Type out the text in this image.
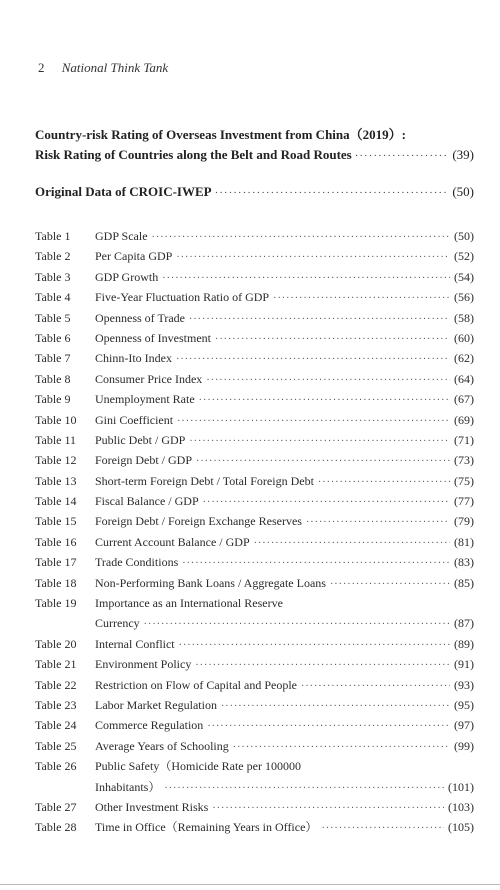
2 National Think Tank
Country-risk Rating of Overseas Investment from China（2019）:
Risk Rating of Countries along the Belt and Road Routes ·····	(39)
Original Data of CROIC-IWEP ·····	(50)
Table 1	GDP Scale ·····	(50)
Table 2	Per Capita GDP ·····	(52)
Table 3	GDP Growth ·····	(54)
Table 4	Five-Year Fluctuation Ratio of GDP ·····	(56)
Table 5	Openness of Trade ·····	(58)
Table 6	Openness of Investment ·····	(60)
Table 7	Chinn-Ito Index ·····	(62)
Table 8	Consumer Price Index ·····	(64)
Table 9	Unemployment Rate ·····	(67)
Table 10	Gini Coefficient ·····	(69)
Table 11	Public Debt / GDP ·····	(71)
Table 12	Foreign Debt / GDP ·····	(73)
Table 13	Short-term Foreign Debt / Total Foreign Debt ·····	(75)
Table 14	Fiscal Balance / GDP ·····	(77)
Table 15	Foreign Debt / Foreign Exchange Reserves ·····	(79)
Table 16	Current Account Balance / GDP ·····	(81)
Table 17	Trade Conditions ·····	(83)
Table 18	Non-Performing Bank Loans / Aggregate Loans ·····	(85)
Table 19	Importance as an International Reserve
Currency ·····	(87)
Table 20	Internal Conflict ·····	(89)
Table 21	Environment Policy ·····	(91)
Table 22	Restriction on Flow of Capital and People ·····	(93)
Table 23	Labor Market Regulation ·····	(95)
Table 24	Commerce Regulation ·····	(97)
Table 25	Average Years of Schooling ·····	(99)
Table 26	Public Safety（Homicide Rate per 100000
Inhabitants） ·····	(101)
Table 27	Other Investment Risks ·····	(103)
Table 28	Time in Office（Remaining Years in Office） ·····	(105)
